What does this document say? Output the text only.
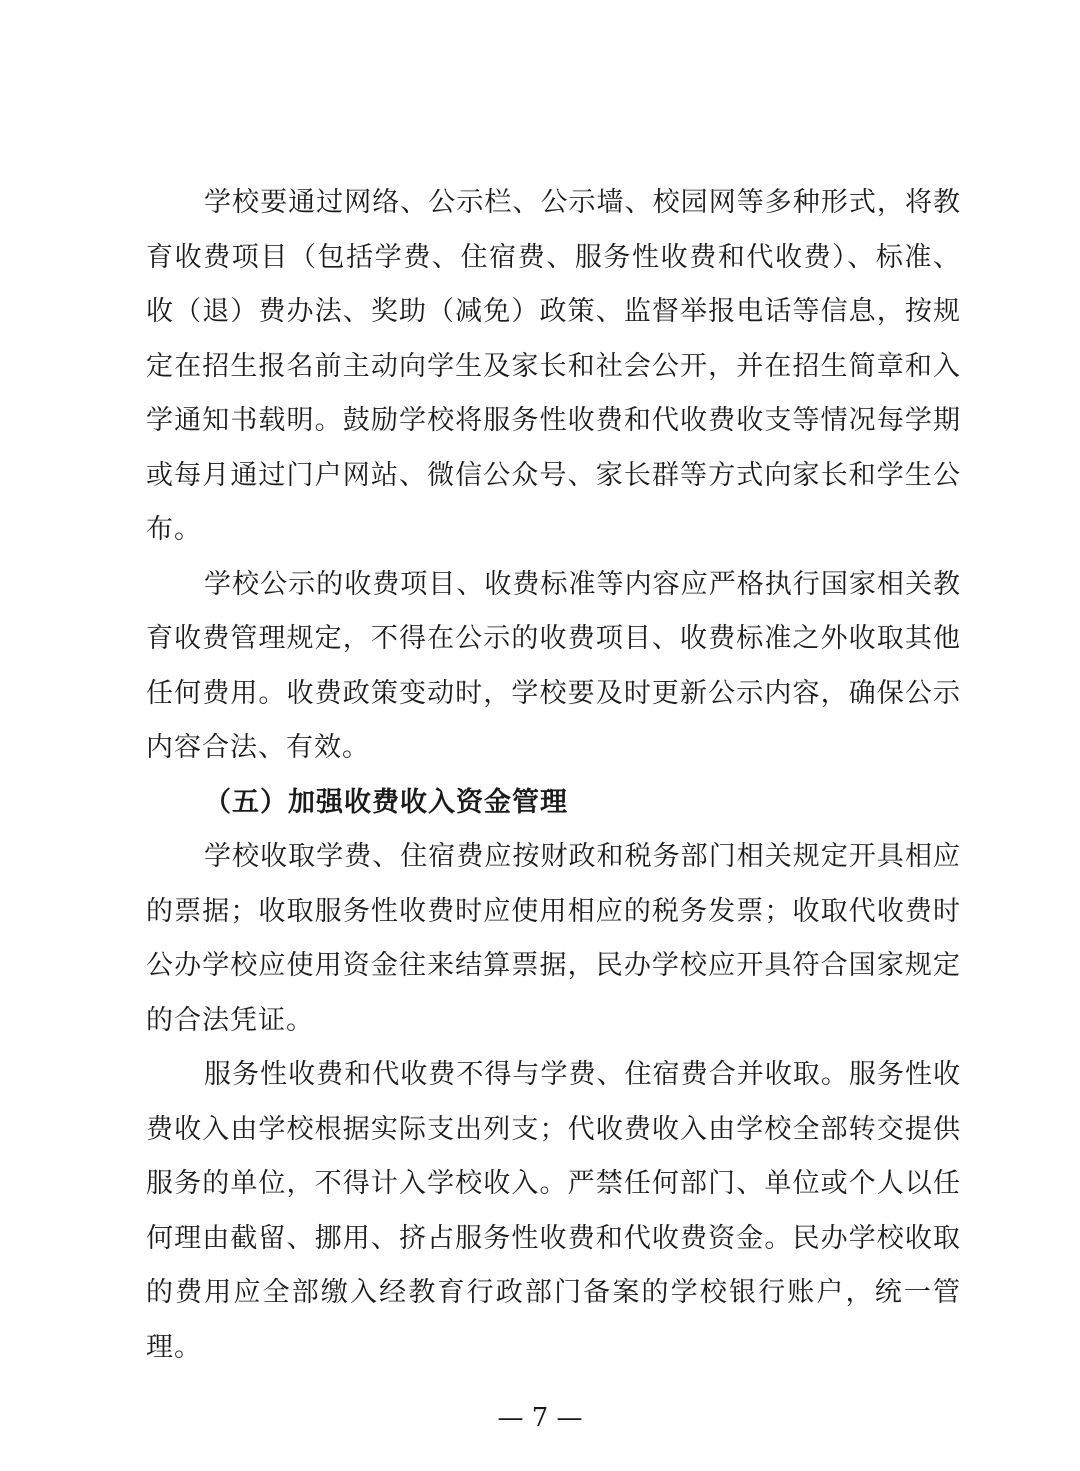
学校要通过网络、公示栏、公示墙、校园网等多种形式，将教育收费项目（包括学费、住宿费、服务性收费和代收费）、标准、收（退）费办法、奖助（减免）政策、监督举报电话等信息，按规定在招生报名前主动向学生及家长和社会公开，并在招生简章和入学通知书载明。鼓励学校将服务性收费和代收费收支等情况每学期或每月通过门户网站、微信公众号、家长群等方式向家长和学生公布。

学校公示的收费项目、收费标准等内容应严格执行国家相关教育收费管理规定，不得在公示的收费项目、收费标准之外收取其他任何费用。收费政策变动时，学校要及时更新公示内容，确保公示内容合法、有效。

（五）加强收费收入资金管理

学校收取学费、住宿费应按财政和税务部门相关规定开具相应的票据；收取服务性收费时应使用相应的税务发票；收取代收费时公办学校应使用资金往来结算票据，民办学校应开具符合国家规定的合法凭证。

服务性收费和代收费不得与学费、住宿费合并收取。服务性收费收入由学校根据实际支出列支；代收费收入由学校全部转交提供服务的单位，不得计入学校收入。严禁任何部门、单位或个人以任何理由截留、挪用、挤占服务性收费和代收费资金。民办学校收取的费用应全部缴入经教育行政部门备案的学校银行账户，统一管理。

— 7 —
